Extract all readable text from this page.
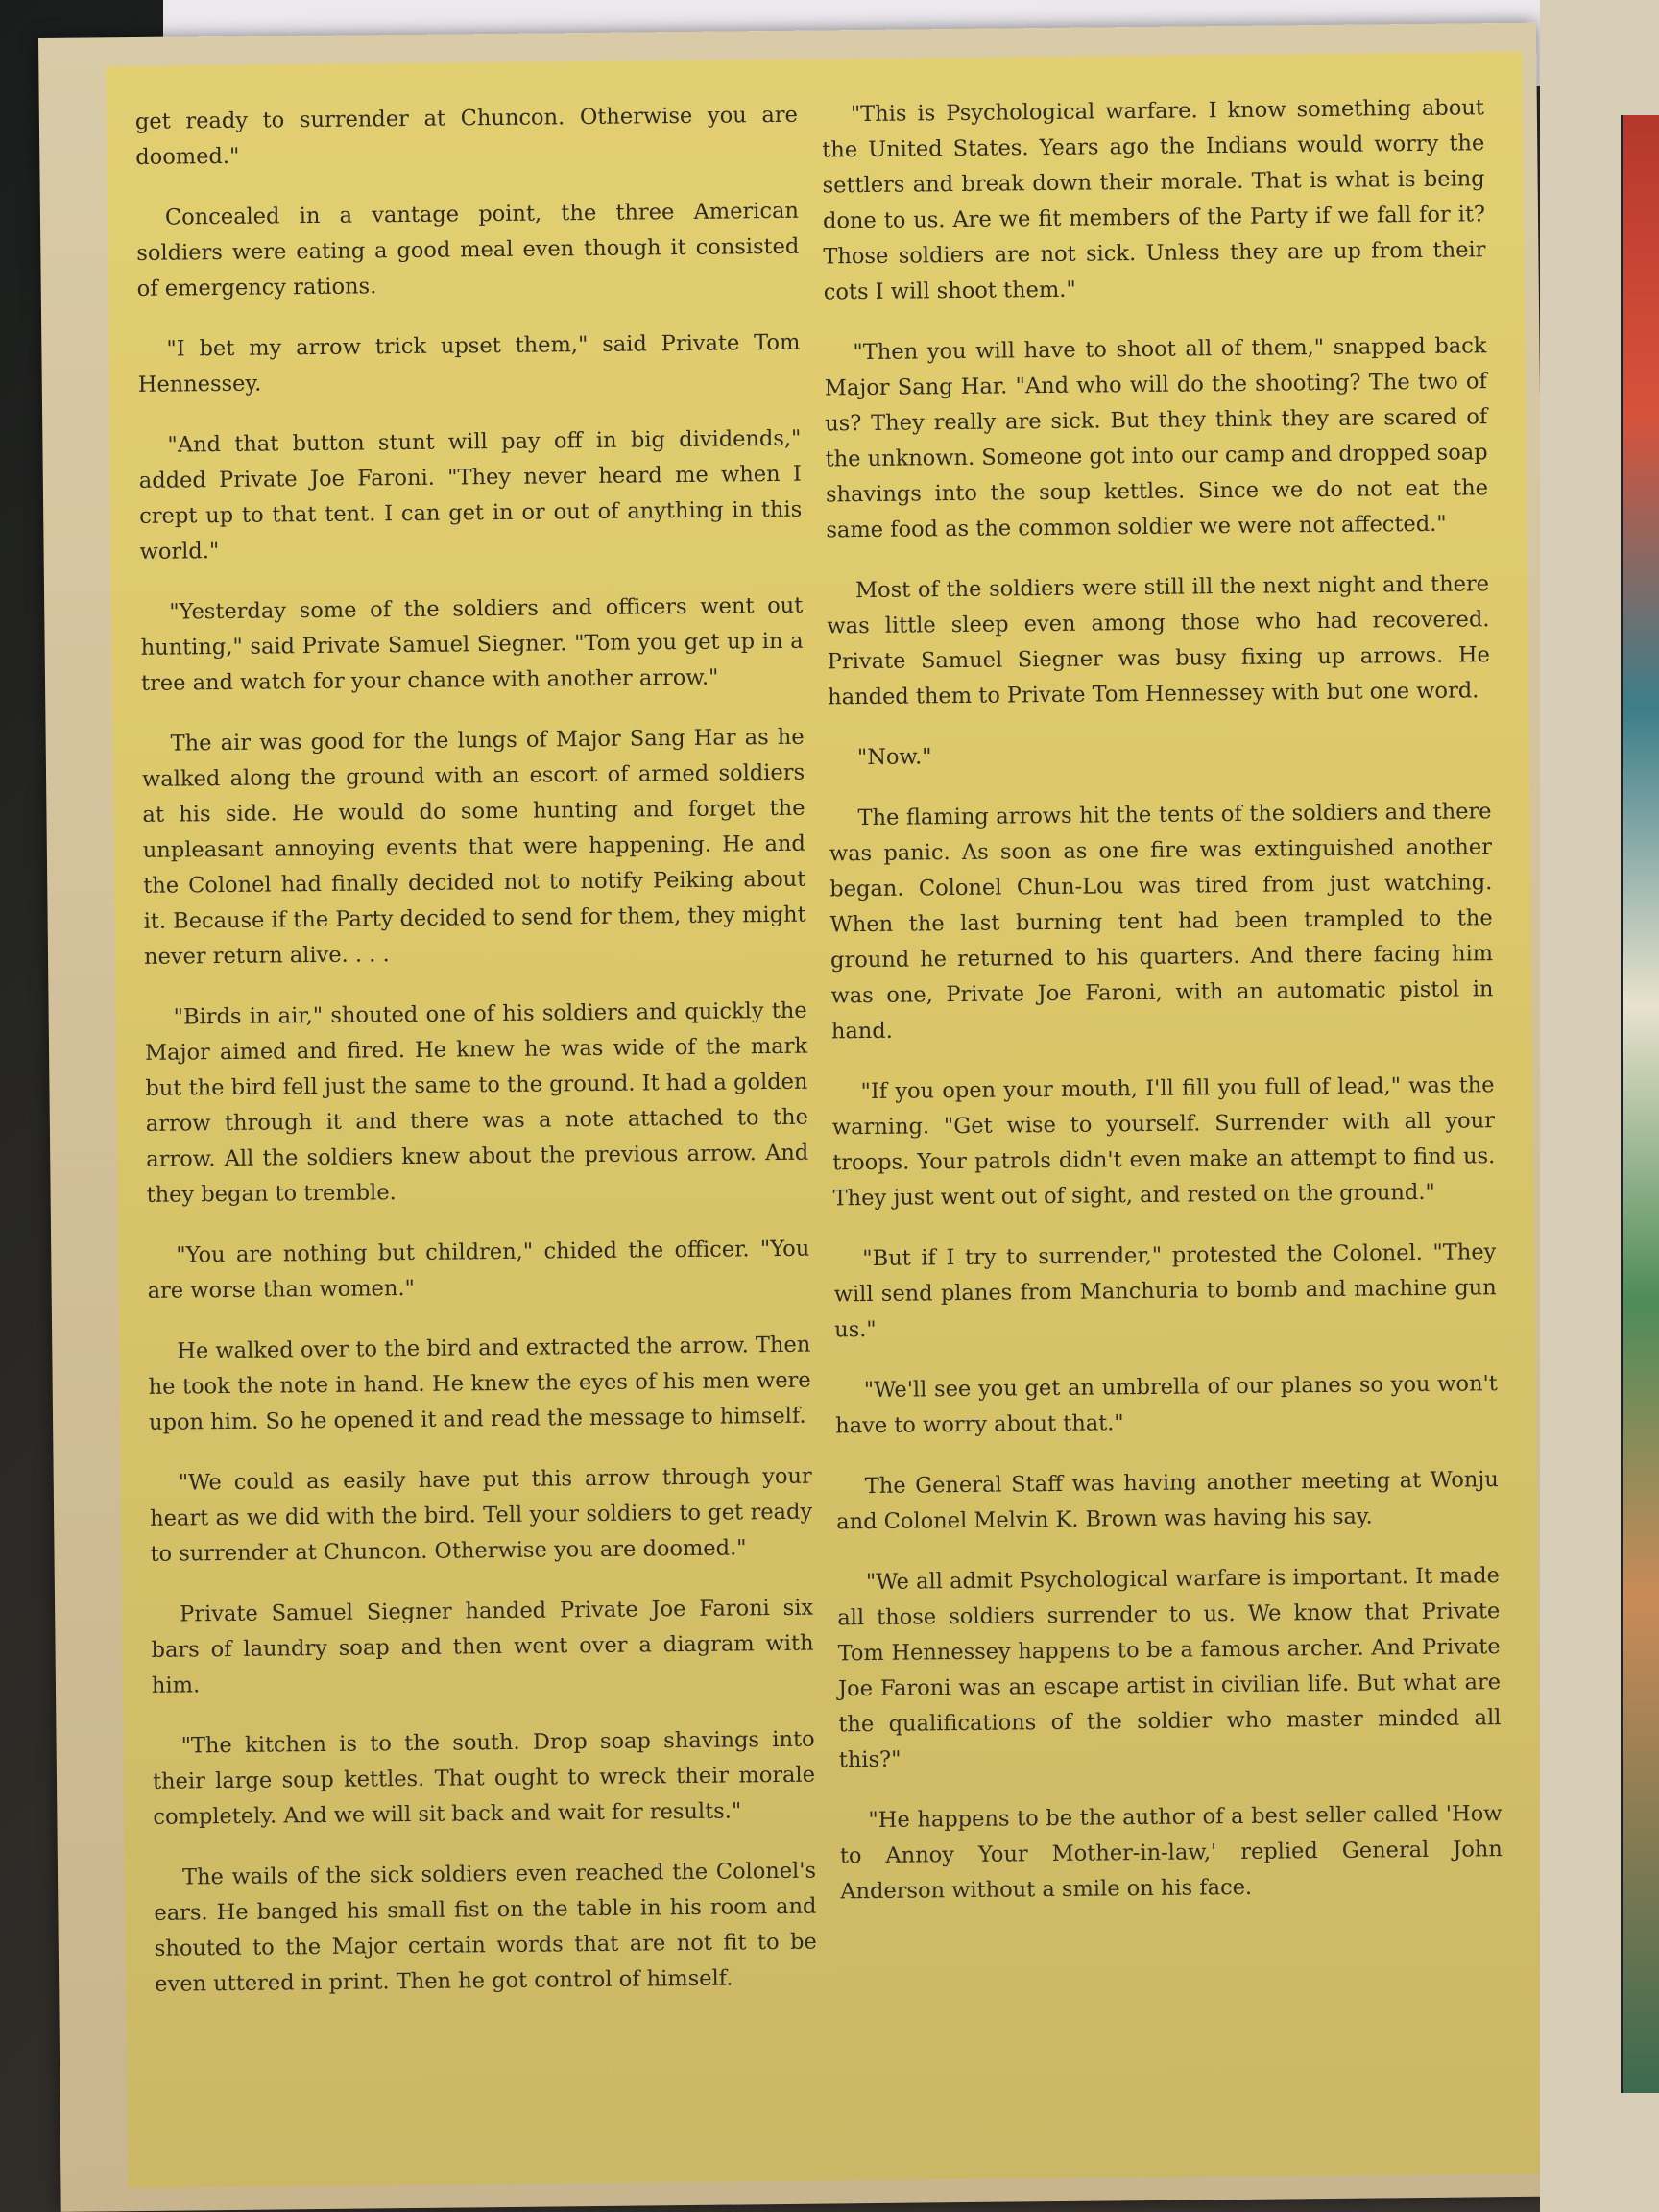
get ready to surrender at Chuncon. Otherwise you are doomed."

Concealed in a vantage point, the three American soldiers were eating a good meal even though it consisted of emergency rations.

"I bet my arrow trick upset them," said Private Tom Hennessey.

"And that button stunt will pay off in big dividends," added Private Joe Faroni. "They never heard me when I crept up to that tent. I can get in or out of anything in this world."

"Yesterday some of the soldiers and officers went out hunting," said Private Samuel Siegner. "Tom you get up in a tree and watch for your chance with another arrow."

The air was good for the lungs of Major Sang Har as he walked along the ground with an escort of armed soldiers at his side. He would do some hunting and forget the unpleasant annoying events that were happening. He and the Colonel had finally decided not to notify Peiking about it. Because if the Party decided to send for them, they might never return alive. . . .

"Birds in air," shouted one of his soldiers and quickly the Major aimed and fired. He knew he was wide of the mark but the bird fell just the same to the ground. It had a golden arrow through it and there was a note attached to the arrow. All the soldiers knew about the previous arrow. And they began to tremble.

"You are nothing but children," chided the officer. "You are worse than women."

He walked over to the bird and extracted the arrow. Then he took the note in hand. He knew the eyes of his men were upon him. So he opened it and read the message to himself.

"We could as easily have put this arrow through your heart as we did with the bird. Tell your soldiers to get ready to surrender at Chuncon. Otherwise you are doomed."

Private Samuel Siegner handed Private Joe Faroni six bars of laundry soap and then went over a diagram with him.

"The kitchen is to the south. Drop soap shavings into their large soup kettles. That ought to wreck their morale completely. And we will sit back and wait for results."

The wails of the sick soldiers even reached the Colonel's ears. He banged his small fist on the table in his room and shouted to the Major certain words that are not fit to be even uttered in print. Then he got control of himself.

"This is Psychological warfare. I know something about the United States. Years ago the Indians would worry the settlers and break down their morale. That is what is being done to us. Are we fit members of the Party if we fall for it? Those soldiers are not sick. Unless they are up from their cots I will shoot them."

"Then you will have to shoot all of them," snapped back Major Sang Har. "And who will do the shooting? The two of us? They really are sick. But they think they are scared of the unknown. Someone got into our camp and dropped soap shavings into the soup kettles. Since we do not eat the same food as the common soldier we were not affected."

Most of the soldiers were still ill the next night and there was little sleep even among those who had recovered. Private Samuel Siegner was busy fixing up arrows. He handed them to Private Tom Hennessey with but one word.

"Now."

The flaming arrows hit the tents of the soldiers and there was panic. As soon as one fire was extinguished another began. Colonel Chun-Lou was tired from just watching. When the last burning tent had been trampled to the ground he returned to his quarters. And there facing him was one, Private Joe Faroni, with an automatic pistol in hand.

"If you open your mouth, I'll fill you full of lead," was the warning. "Get wise to yourself. Surrender with all your troops. Your patrols didn't even make an attempt to find us. They just went out of sight, and rested on the ground."

"But if I try to surrender," protested the Colonel. "They will send planes from Manchuria to bomb and machine gun us."

"We'll see you get an umbrella of our planes so you won't have to worry about that."

The General Staff was having another meeting at Wonju and Colonel Melvin K. Brown was having his say.

"We all admit Psychological warfare is important. It made all those soldiers surrender to us. We know that Private Tom Hennessey happens to be a famous archer. And Private Joe Faroni was an escape artist in civilian life. But what are the qualifications of the soldier who master minded all this?"

"He happens to be the author of a best seller called 'How to Annoy Your Mother-in-law,' replied General John Anderson without a smile on his face.
